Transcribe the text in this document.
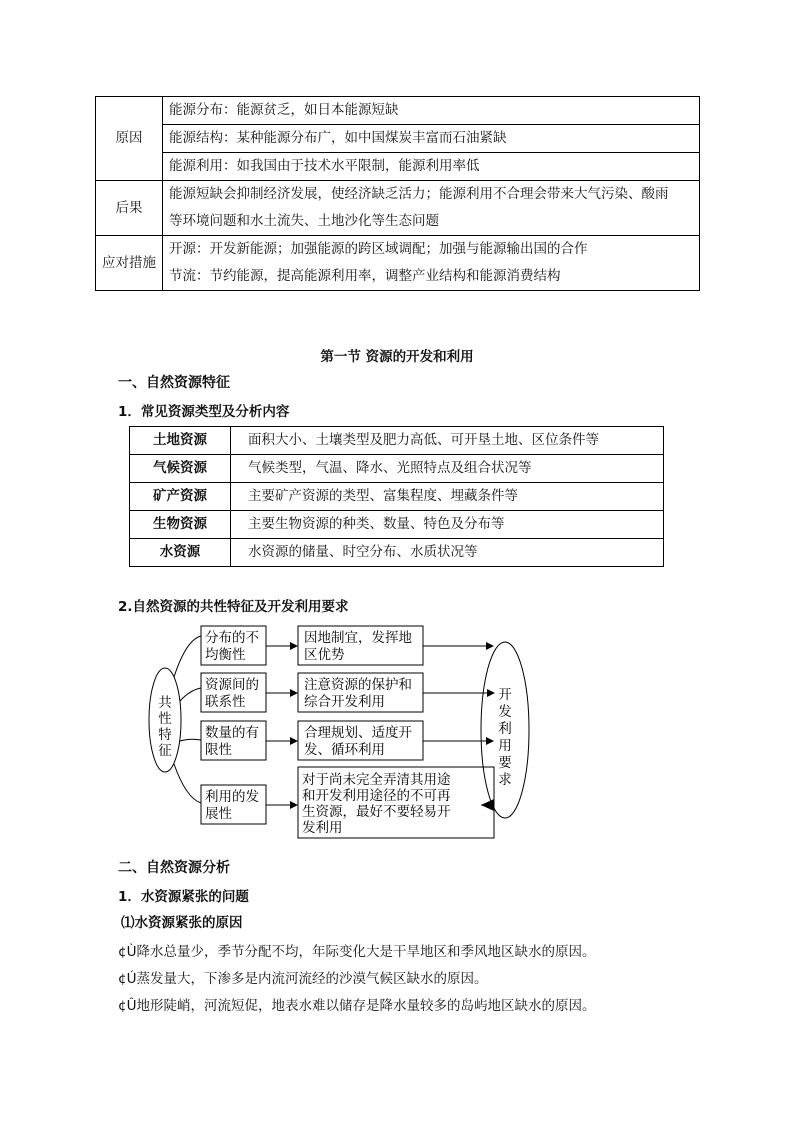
原因	能源分布：能源贫乏，如日本能源短缺
	能源结构：某种能源分布广，如中国煤炭丰富而石油紧缺
	能源利用：如我国由于技术水平限制，能源利用率低
后果	能源短缺会抑制经济发展，使经济缺乏活力；能源利用不合理会带来大气污染、酸雨
等环境问题和水土流失、土地沙化等生态问题

应对措施	开源：开发新能源；加强能源的跨区域调配；加强与能源输出国的合作
节流：节约能源，提高能源利用率，调整产业结构和能源消费结构
第一节 资源的开发和利用
一、自然资源特征
1．常见资源类型及分析内容
土地资源	面积大小、土壤类型及肥力高低、可开垦土地、区位条件等
气候资源	气候类型，气温、降水、光照特点及组合状况等
矿产资源	主要矿产资源的类型、富集程度、埋藏条件等
生物资源	主要生物资源的种类、数量、特色及分布等
水资源	水资源的储量、时空分布、水质状况等
2.自然资源的共性特征及开发利用要求
共
性
特
征
分布的不
均衡性
资源间的
联系性
数量的有
限性
利用的发
展性
因地制宜，发挥地
区优势
注意资源的保护和
综合开发利用
合理规划、适度开
发、循环利用
对于尚未完全弄清其用途
和开发利用途径的不可再
生资源，最好不要轻易开
发利用
开
发
利
用
要
求
二、自然资源分析
1．水资源紧张的问题
⑴水资源紧张的原因
¢Ù降水总量少，季节分配不均，年际变化大是干旱地区和季风地区缺水的原因。
¢Ú蒸发量大，下渗多是内流河流经的沙漠气候区缺水的原因。
¢Û地形陡峭，河流短促，地表水难以储存是降水量较多的岛屿地区缺水的原因。
